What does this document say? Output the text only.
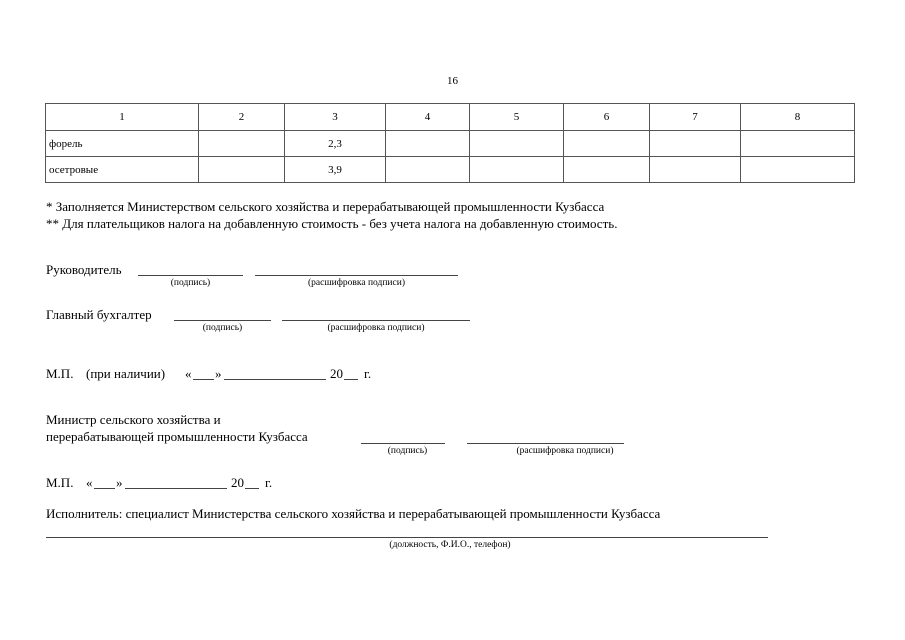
16
1	2	3	4	5	6	7	8
форель		2,3					
осетровые		3,9					
* Заполняется Министерством сельского хозяйства и перерабатывающей промышленности Кузбасса
** Для плательщиков налога на добавленную стоимость - без учета налога на добавленную стоимость.
Руководитель
(подпись)	(расшифровка подписи)
Главный бухгалтер
(подпись)	(расшифровка подписи)
М.П. (при наличии) « »	20 г.
Министр сельского хозяйства и
перерабатывающей промышленности Кузбасса
(подпись)	(расшифровка подписи)
М.П. « »	20 г.
Исполнитель: специалист Министерства сельского хозяйства и перерабатывающей промышленности Кузбасса
(должность, Ф.И.О., телефон)
